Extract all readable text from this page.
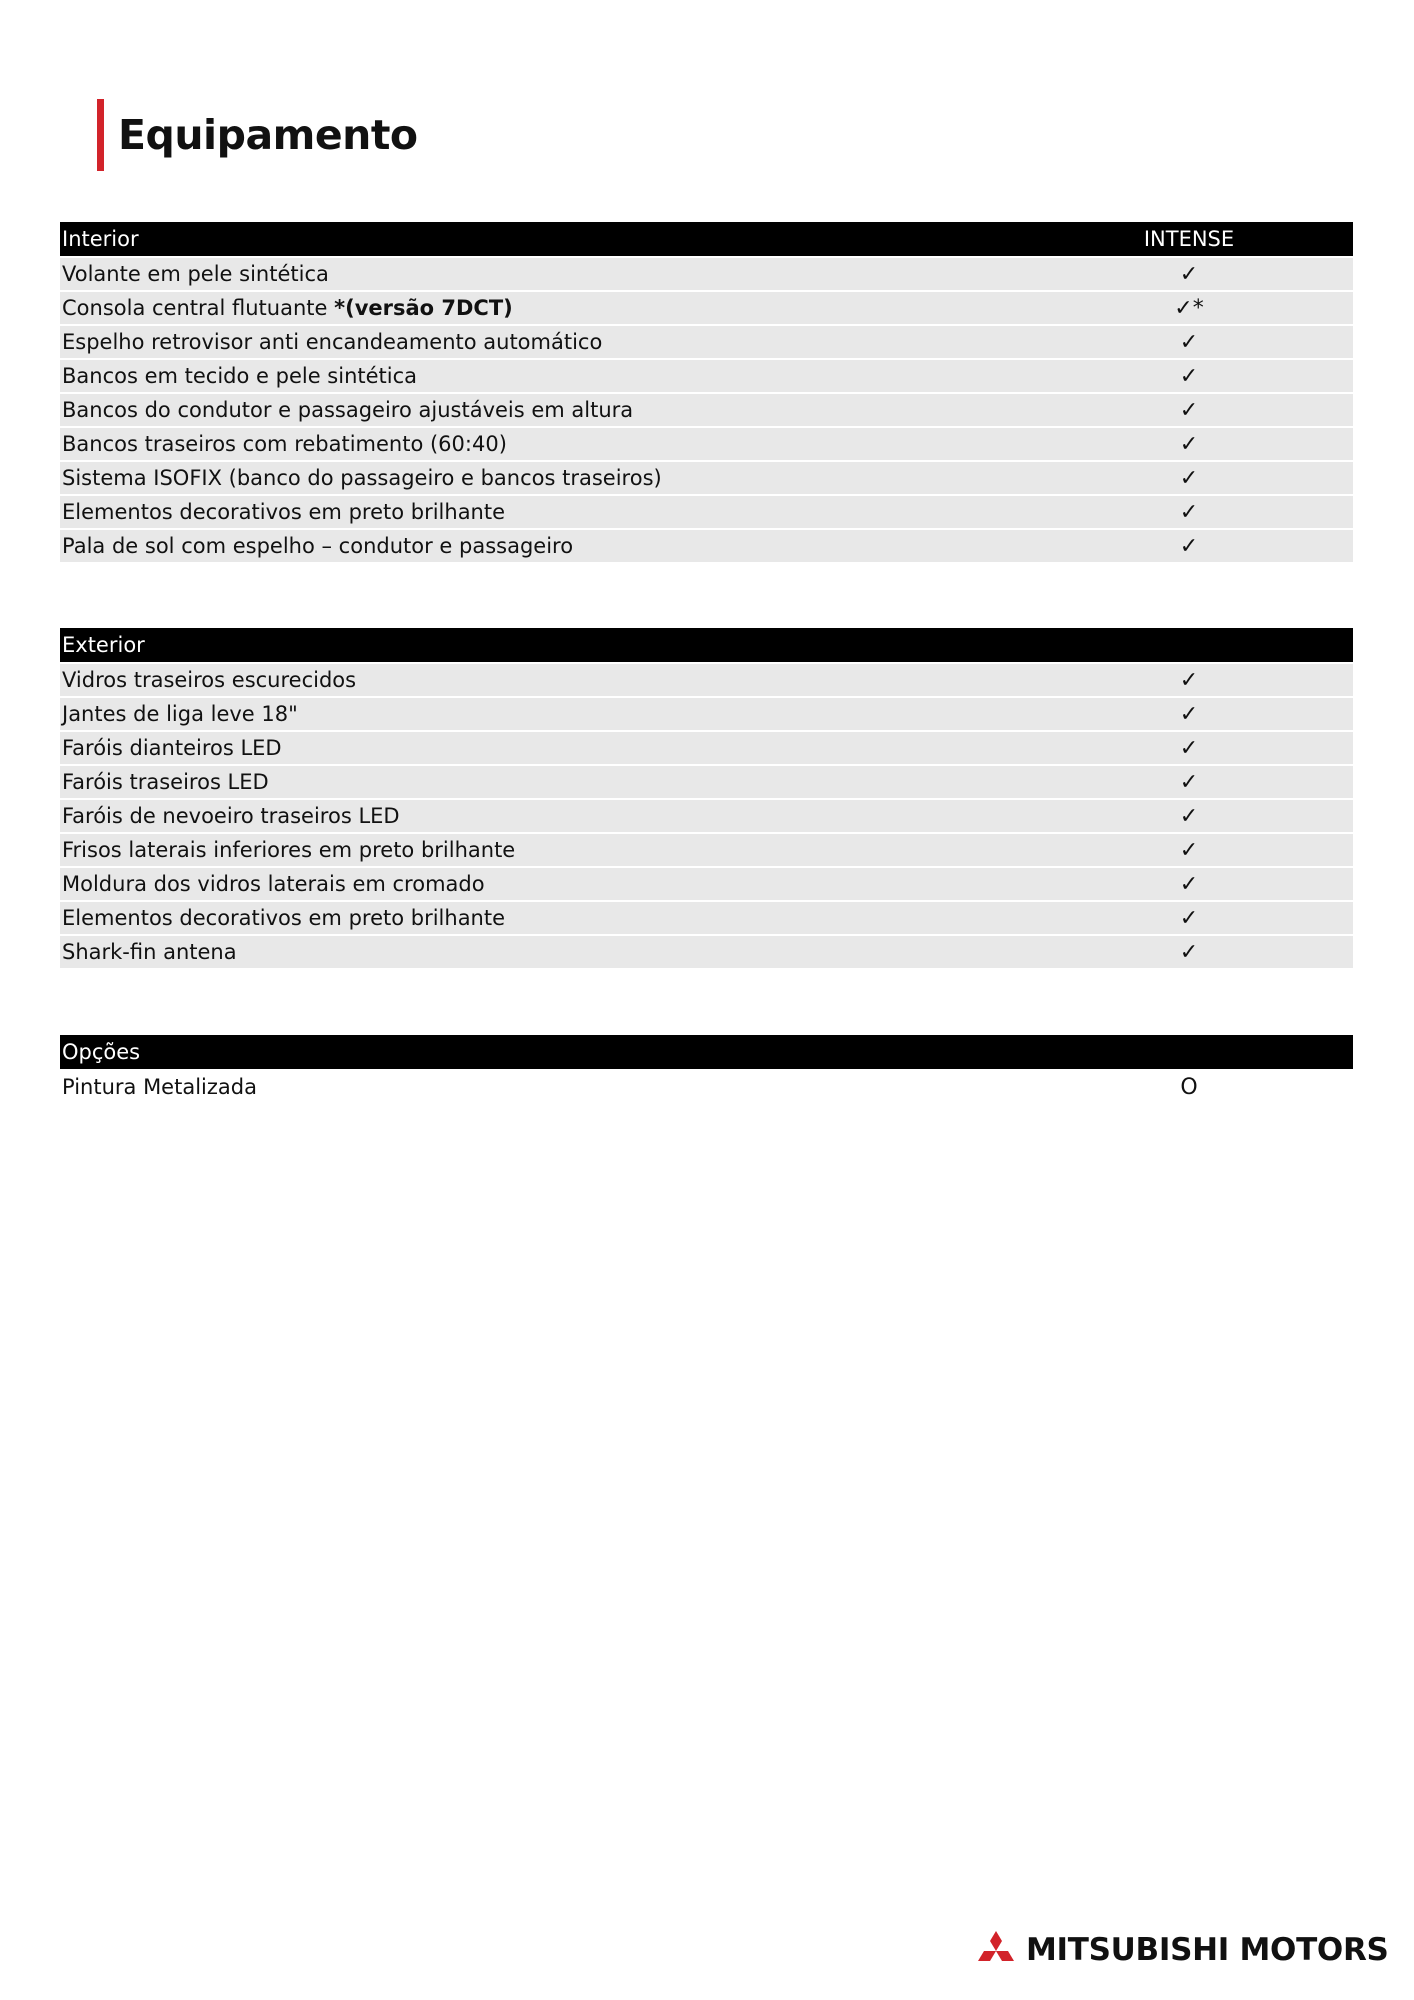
Equipamento
Interior	INTENSE
Volante em pele sintética	✓
Consola central flutuante *(versão 7DCT)	✓*
Espelho retrovisor anti encandeamento automático	✓
Bancos em tecido e pele sintética	✓
Bancos do condutor e passageiro ajustáveis em altura	✓
Bancos traseiros com rebatimento (60:40)	✓
Sistema ISOFIX (banco do passageiro e bancos traseiros)	✓
Elementos decorativos em preto brilhante	✓
Pala de sol com espelho – condutor e passageiro	✓
Exterior
Vidros traseiros escurecidos	✓
Jantes de liga leve 18"	✓
Faróis dianteiros LED	✓
Faróis traseiros LED	✓
Faróis de nevoeiro traseiros LED	✓
Frisos laterais inferiores em preto brilhante	✓
Moldura dos vidros laterais em cromado	✓
Elementos decorativos em preto brilhante	✓
Shark-fin antena	✓
Opções
Pintura Metalizada	O
MITSUBISHI MOTORS
